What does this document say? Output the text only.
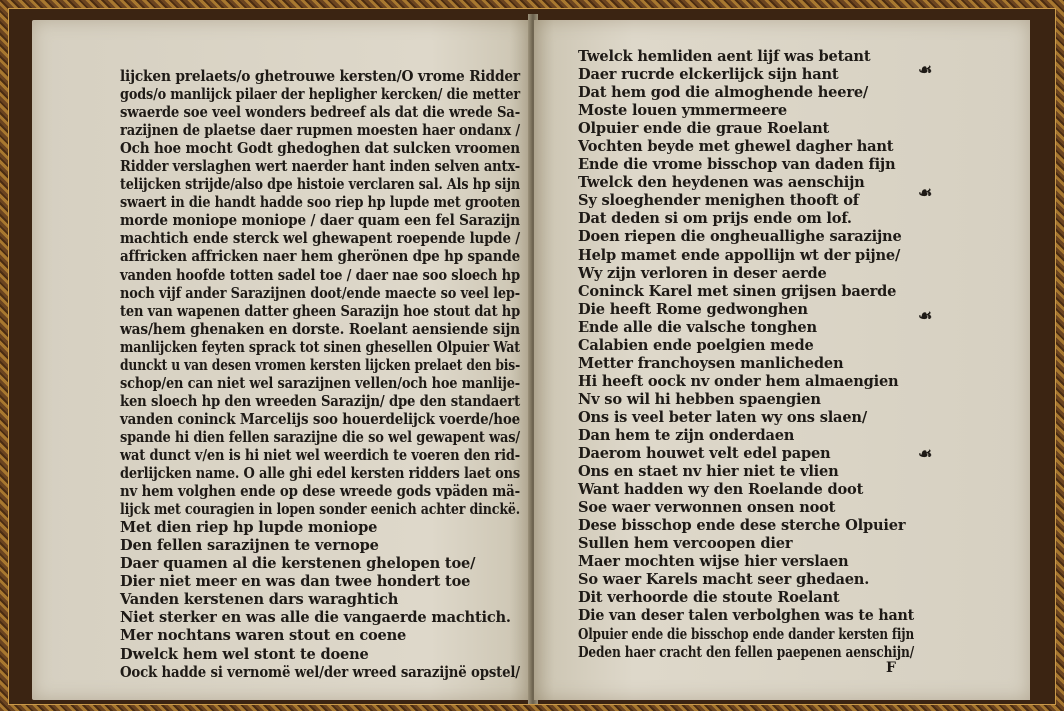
lijcken prelaets/o ghetrouwe kersten/O vrome Ridder
gods/o manlijck pilaer der hepligher kercken/ die metter
swaerde soe veel wonders bedreef als dat die wrede Sa-
razijnen de plaetse daer rupmen moesten haer ondanx /
Och hoe mocht Godt ghedoghen dat sulcken vroomen
Ridder verslaghen wert naerder hant inden selven antx-
telijcken strijde/also dpe histoie verclaren sal. Als hp sijn
swaert in die handt hadde soo riep hp lupde met grooten
morde moniope moniope / daer quam een fel Sarazijn
machtich ende sterck wel ghewapent roepende lupde /
affricken affricken naer hem gherönen dpe hp spande
vanden hoofde totten sadel toe / daer nae soo sloech hp
noch vijf ander Sarazijnen doot/ende maecte so veel lep-
ten van wapenen datter gheen Sarazijn hoe stout dat hp
was/hem ghenaken en dorste. Roelant aensiende sijn
manlijcken feyten sprack tot sinen ghesellen Olpuier Wat
dunckt u van desen vromen kersten lijcken prelaet den bis-
schop/en can niet wel sarazijnen vellen/och hoe manlije-
ken sloech hp den wreeden Sarazijn/ dpe den standaert
vanden coninck Marcelijs soo houerdelijck voerde/hoe
spande hi dien fellen sarazijne die so wel gewapent was/
wat dunct v/en is hi niet wel weerdich te voeren den rid-
derlijcken name. O alle ghi edel kersten ridders laet ons
nv hem volghen ende op dese wreede gods vpäden mä-
lijck met couragien in lopen sonder eenich achter dinckë.
Met dien riep hp lupde moniope
Den fellen sarazijnen te vernope
Daer quamen al die kerstenen ghelopen toe/
Dier niet meer en was dan twee hondert toe
Vanden kerstenen dars waraghtich
Niet sterker en was alle die vangaerde machtich.
Mer nochtans waren stout en coene
Dwelck hem wel stont te doene
Oock hadde si vernomë wel/der wreed sarazijnë opstel/
Twelck hemliden aent lijf was betant
Daer rucrde elckerlijck sijn hant
Dat hem god die almoghende heere/
Moste louen ymmermeere
Olpuier ende die graue Roelant
Vochten beyde met ghewel dagher hant
Ende die vrome bisschop van daden fijn
Twelck den heydenen was aenschijn
Sy sloeghender menighen thooft of
Dat deden si om prijs ende om lof.
Doen riepen die ongheuallighe sarazijne
Help mamet ende appollijn wt der pijne/
Wy zijn verloren in deser aerde
Coninck Karel met sinen grijsen baerde
Die heeft Rome gedwonghen
Ende alle die valsche tonghen
Calabien ende poelgien mede
Metter franchoysen manlicheden
Hi heeft oock nv onder hem almaengien
Nv so wil hi hebben spaengien
Ons is veel beter laten wy ons slaen/
Dan hem te zijn onderdaen
Daerom houwet velt edel papen
Ons en staet nv hier niet te vlien
Want hadden wy den Roelande doot
Soe waer verwonnen onsen noot
Dese bisschop ende dese sterche Olpuier
Sullen hem vercoopen dier
Maer mochten wijse hier verslaen
So waer Karels macht seer ghedaen.
Dit verhoorde die stoute Roelant
Die van deser talen verbolghen was te hant
Olpuier ende die bisschop ende dander kersten fijn
Deden haer cracht den fellen paepenen aenschijn/
☙
☙
☙
☙
F
